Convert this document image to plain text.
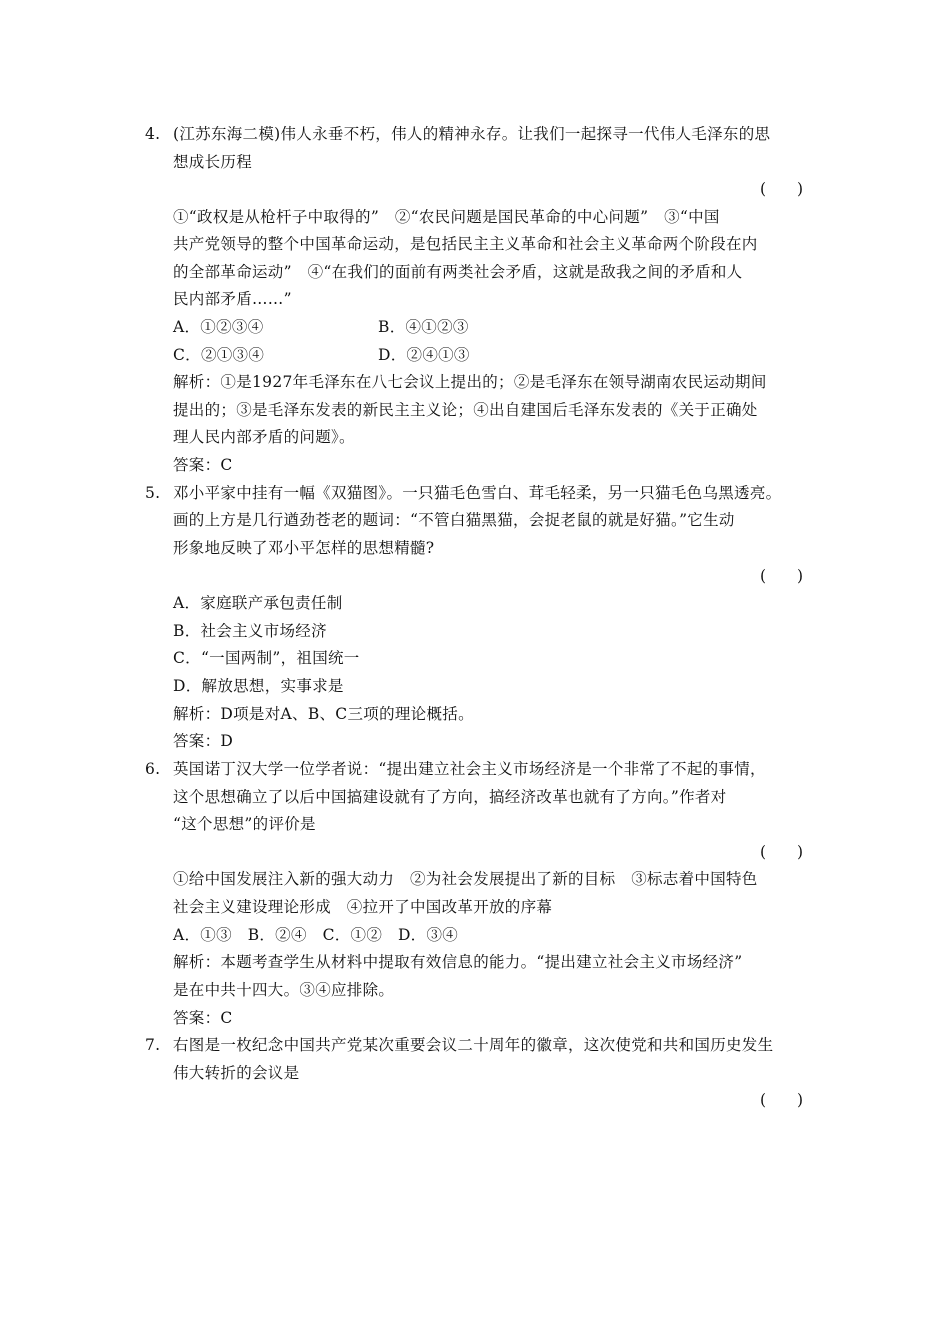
4. (江苏东海二模)伟人永垂不朽，伟人的精神永存。让我们一起探寻一代伟人毛泽东的思
想成长历程
(　　)
①“政权是从枪杆子中取得的”　②“农民问题是国民革命的中心问题”　③“中国
共产党领导的整个中国革命运动，是包括民主主义革命和社会主义革命两个阶段在内
的全部革命运动”　④“在我们的面前有两类社会矛盾，这就是敌我之间的矛盾和人
民内部矛盾……”
A．①②③④	B．④①②③
C．②①③④	D．②④①③
解析：①是1927年毛泽东在八七会议上提出的；②是毛泽东在领导湖南农民运动期间
提出的；③是毛泽东发表的新民主主义论；④出自建国后毛泽东发表的《关于正确处
理人民内部矛盾的问题》。
答案：C
5. 邓小平家中挂有一幅《双猫图》。一只猫毛色雪白、茸毛轻柔，另一只猫毛色乌黑透亮。
画的上方是几行遒劲苍老的题词：“不管白猫黑猫，会捉老鼠的就是好猫。”它生动
形象地反映了邓小平怎样的思想精髓?
(　　)
A．家庭联产承包责任制
B．社会主义市场经济
C．“一国两制”，祖国统一
D．解放思想，实事求是
解析：D项是对A、B、C三项的理论概括。
答案：D
6. 英国诺丁汉大学一位学者说：“提出建立社会主义市场经济是一个非常了不起的事情，
这个思想确立了以后中国搞建设就有了方向，搞经济改革也就有了方向。”作者对
“这个思想”的评价是
(　　)
①给中国发展注入新的强大动力　②为社会发展提出了新的目标　③标志着中国特色
社会主义建设理论形成　④拉开了中国改革开放的序幕
A．①③　B．②④　C．①②　D．③④
解析：本题考查学生从材料中提取有效信息的能力。“提出建立社会主义市场经济”
是在中共十四大。③④应排除。
答案：C
7. 右图是一枚纪念中国共产党某次重要会议二十周年的徽章，这次使党和共和国历史发生
伟大转折的会议是
(　　)
